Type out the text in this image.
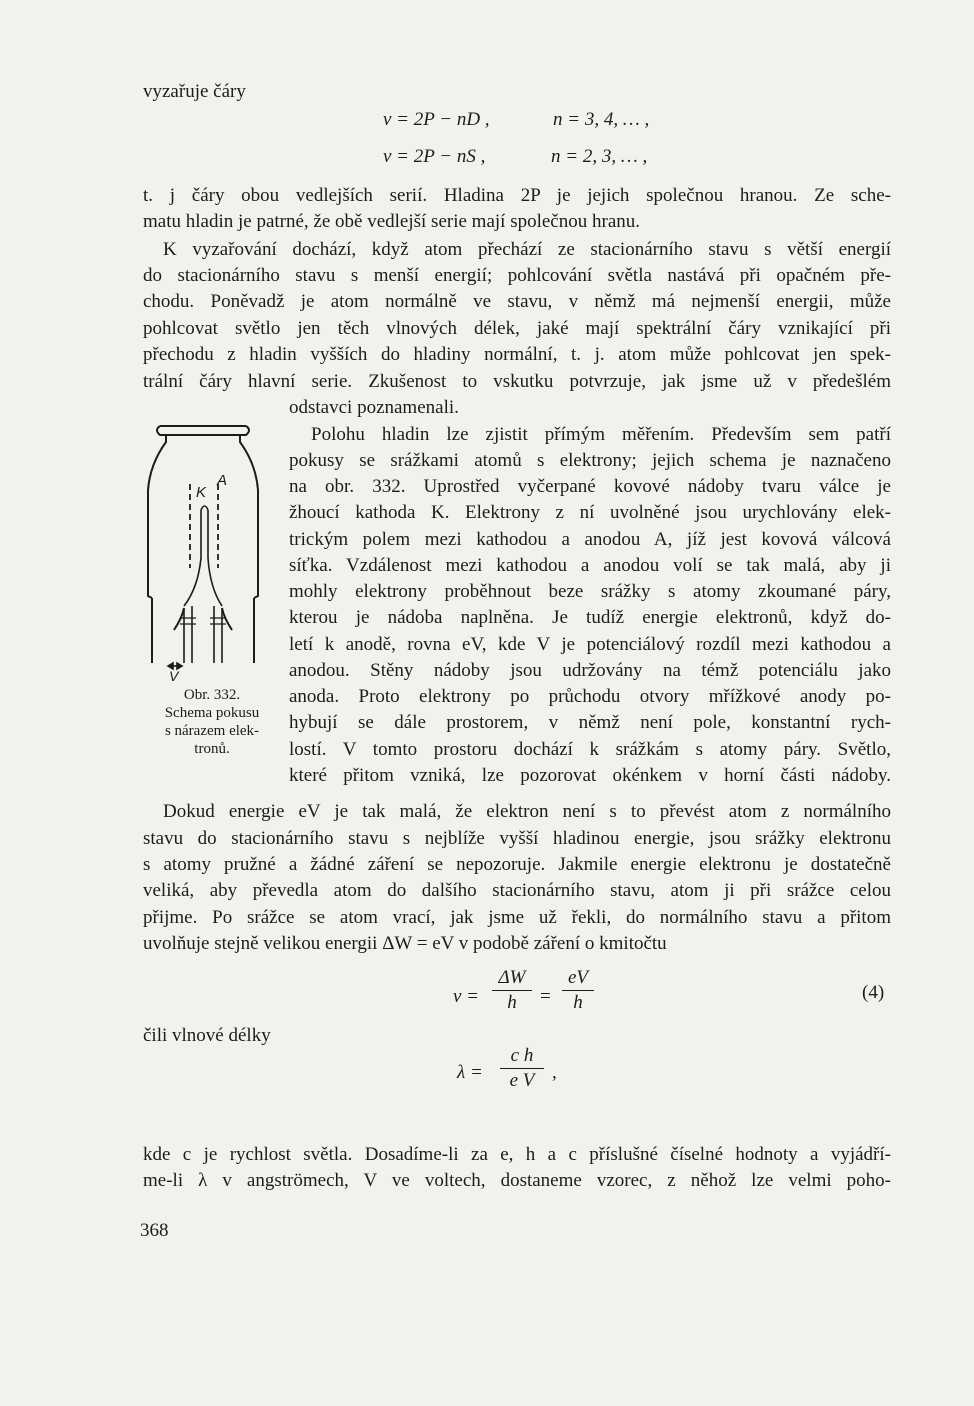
vyzařuje čáry
ν = 2P − nD ,	n = 3, 4, … ,
ν = 2P − nS ,	n = 2, 3, … ,
t. j čáry obou vedlejších serií. Hladina 2P je jejich společnou hranou. Ze sche-
matu hladin je patrné, že obě vedlejší serie mají společnou hranu.
K vyzařování dochází, když atom přechází ze stacionárního stavu s větší energií
do stacionárního stavu s menší energií; pohlcování světla nastává při opačném pře-
chodu. Poněvadž je atom normálně ve stavu, v němž má nejmenší energii, může
pohlcovat světlo jen těch vlnových délek, jaké mají spektrální čáry vznikající při
přechodu z hladin vyšších do hladiny normální, t. j. atom může pohlcovat jen spek-
trální čáry hlavní serie. Zkušenost to vskutku potvrzuje, jak jsme už v předešlém
odstavci poznamenali.
K
A
V
Obr. 332.
Schema pokusu
s nárazem elek-
tronů.
Polohu hladin lze zjistit přímým měřením. Především sem patří
pokusy se srážkami atomů s elektrony; jejich schema je naznačeno
na obr. 332. Uprostřed vyčerpané kovové nádoby tvaru válce je
žhoucí kathoda K. Elektrony z ní uvolněné jsou urychlovány elek-
trickým polem mezi kathodou a anodou A, jíž jest kovová válcová
síťka. Vzdálenost mezi kathodou a anodou volí se tak malá, aby ji
mohly elektrony proběhnout beze srážky s atomy zkoumané páry,
kterou je nádoba naplněna. Je tudíž energie elektronů, když do-
letí k anodě, rovna eV, kde V je potenciálový rozdíl mezi kathodou a
anodou. Stěny nádoby jsou udržovány na témž potenciálu jako
anoda. Proto elektrony po průchodu otvory mřížkové anody po-
hybují se dále prostorem, v němž není pole, konstantní rych-
lostí. V tomto prostoru dochází k srážkám s atomy páry. Světlo,
které přitom vzniká, lze pozorovat okénkem v horní části nádoby.
Dokud energie eV je tak malá, že elektron není s to převést atom z normálního
stavu do stacionárního stavu s nejblíže vyšší hladinou energie, jsou srážky elektronu
s atomy pružné a žádné záření se nepozoruje. Jakmile energie elektronu je dostatečně
veliká, aby převedla atom do dalšího stacionárního stavu, atom ji při srážce celou
přijme. Po srážce se atom vrací, jak jsme už řekli, do normálního stavu a přitom
uvolňuje stejně velikou energii ΔW = eV v podobě záření o kmitočtu
ν =
ΔW
h	=
eV
h	(4)
čili vlnové délky
λ =
c h
e V ,
kde c je rychlost světla. Dosadíme-li za e, h a c příslušné číselné hodnoty a vyjádří-
me-li λ v angströmech, V ve voltech, dostaneme vzorec, z něhož lze velmi poho-
368
